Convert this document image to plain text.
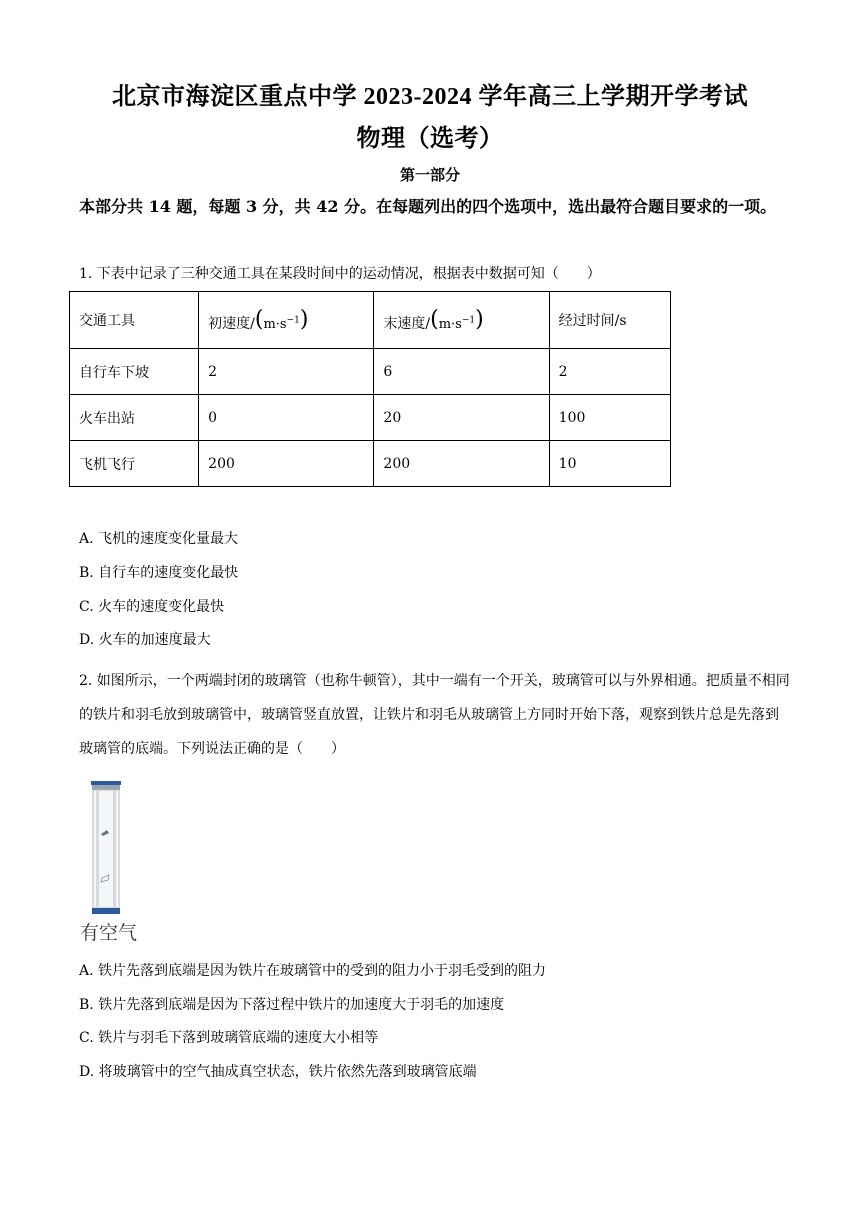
北京市海淀区重点中学 2023-2024 学年高三上学期开学考试
物理（选考）
第一部分
本部分共 14 题，每题 3 分，共 42 分。在每题列出的四个选项中，选出最符合题目要求的一项。
1. 下表中记录了三种交通工具在某段时间中的运动情况，根据表中数据可知（　　）
交通工具	初速度$/(m\cdot s^{-1})$	末速度$/(m\cdot s^{-1})$	经过时间/s
自行车下坡	2	6	2
火车出站	0	20	100
飞机飞行	200	200	10
A. 飞机的速度变化量最大
B. 自行车的速度变化最快
C. 火车的速度变化最快
D. 火车的加速度最大
2. 如图所示，一个两端封闭的玻璃管（也称牛顿管），其中一端有一个开关，玻璃管可以与外界相通。把质量不相同的铁片和羽毛放到玻璃管中，玻璃管竖直放置，让铁片和羽毛从玻璃管上方同时开始下落，观察到铁片总是先落到玻璃管的底端。下列说法正确的是（　　）
有空气
A. 铁片先落到底端是因为铁片在玻璃管中的受到的阻力小于羽毛受到的阻力
B. 铁片先落到底端是因为下落过程中铁片的加速度大于羽毛的加速度
C. 铁片与羽毛下落到玻璃管底端的速度大小相等
D. 将玻璃管中的空气抽成真空状态，铁片依然先落到玻璃管底端
